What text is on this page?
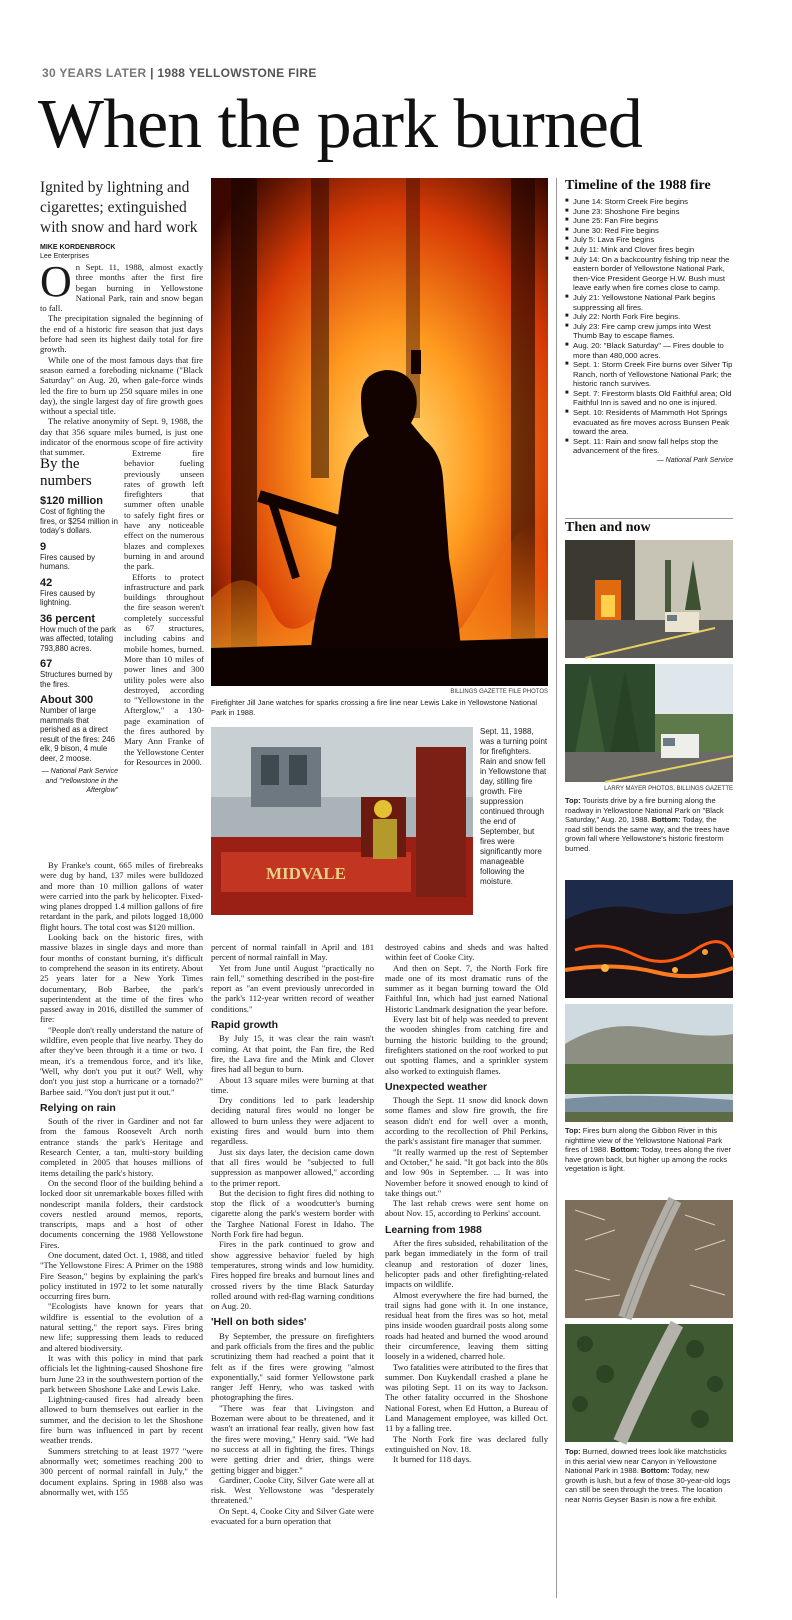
30 YEARS LATER | 1988 YELLOWSTONE FIRE
When the park burned
Ignited by lightning and cigarettes; extinguished with snow and hard work
MIKE KORDENBROCK
Lee Enterprises

On Sept. 11, 1988, almost exactly three months after the first fire began burning in Yellowstone National Park, rain and snow began to fall.

The precipitation signaled the beginning of the end of a historic fire season that just days before had seen its highest daily total for fire growth.

While one of the most famous days that fire season earned a foreboding nickname ("Black Saturday" on Aug. 20, when gale-force winds led the fire to burn up 250 square miles in one day), the single largest day of fire growth goes without a special title.

The relative anonymity of Sept. 9, 1988, the day that 356 square miles burned, is just one indicator of the enormous scope of fire activity that summer.

By the numbers
$120 million
Cost of fighting the fires, or $254 million in today's dollars.
9
Fires caused by humans.
42
Fires caused by lightning.
36 percent
How much of the park was affected, totaling 793,880 acres.
67
Structures burned by the fires.
About 300
Number of large mammals that perished as a direct result of the fires: 246 elk, 9 bison, 4 mule deer, 2 moose.
— National Park Service and "Yellowstone in the Afterglow"

Extreme fire behavior fueling previously unseen rates of growth left firefighters that summer often unable to safely fight fires or have any noticeable effect on the numerous blazes and complexes burning in and around the park.

Efforts to protect infrastructure and park buildings throughout the fire season weren't completely successful as 67 structures, including cabins and mobile homes, burned. More than 10 miles of power lines and 300 utility poles were also destroyed, according to "Yellowstone in the Afterglow," a 130-page examination of the fires authored by Mary Ann Franke of the Yellowstone Center for Resources in 2000.

By Franke's count, 665 miles of firebreaks were dug by hand, 137 miles were bulldozed and more than 10 million gallons of water were carried into the park by helicopter. Fixed-wing planes dropped 1.4 million gallons of fire retardant in the park, and pilots logged 18,000 flight hours. The total cost was $120 million.

Looking back on the historic fires, with massive blazes in single days and more than four months of constant burning, it's difficult to comprehend the season in its entirety. About 25 years later for a New York Times documentary, Bob Barbee, the park's superintendent at the time of the fires who passed away in 2016, distilled the summer of fire:

"People don't really understand the nature of wildfire, even people that live nearby. They do after they've been through it a time or two. I mean, it's a tremendous force, and it's like, 'Well, why don't you put it out?' Well, why don't you just stop a hurricane or a tornado?" Barbee said. "You don't just put it out."

Relying on rain

South of the river in Gardiner and not far from the famous Roosevelt Arch north entrance stands the park's Heritage and Research Center, a tan, multi-story building completed in 2005 that houses millions of items detailing the park's history.

On the second floor of the building behind a locked door sit unremarkable boxes filled with nondescript manila folders, their cardstock covers nestled around memos, reports, transcripts, maps and a host of other documents concerning the 1988 Yellowstone Fires.

One document, dated Oct. 1, 1988, and titled "The Yellowstone Fires: A Primer on the 1988 Fire Season," begins by explaining the park's policy instituted in 1972 to let some naturally occurring fires burn.

"Ecologists have known for years that wildfire is essential to the evolution of a natural setting," the report says. Fires bring new life; suppressing them leads to reduced and altered biodiversity.

It was with this policy in mind that park officials let the lightning-caused Shoshone fire burn June 23 in the southwestern portion of the park between Shoshone Lake and Lewis Lake.

Lightning-caused fires had already been allowed to burn themselves out earlier in the summer, and the decision to let the Shoshone fire burn was influenced in part by recent weather trends.

Summers stretching to at least 1977 "were abnormally wet; sometimes reaching 200 to 300 percent of normal rainfall in July," the document explains. Spring in 1988 also was abnormally wet, with 155

BILLINGS GAZETTE FILE PHOTOS
Firefighter Jill Jane watches for sparks crossing a fire line near Lewis Lake in Yellowstone National Park in 1988.
MIDVALE
Sept. 11, 1988, was a turning point for firefighters. Rain and snow fell in Yellowstone that day, stilling fire growth. Fire suppression continued through the end of September, but fires were significantly more manageable following the moisture.

percent of normal rainfall in April and 181 percent of normal rainfall in May.

Yet from June until August "practically no rain fell," something described in the post-fire report as "an event previously unrecorded in the park's 112-year written record of weather conditions."

Rapid growth

By July 15, it was clear the rain wasn't coming. At that point, the Fan fire, the Red fire, the Lava fire and the Mink and Clover fires had all begun to burn.

About 13 square miles were burning at that time.

Dry conditions led to park leadership deciding natural fires would no longer be allowed to burn unless they were adjacent to existing fires and would burn into them regardless.

Just six days later, the decision came down that all fires would be "subjected to full suppression as manpower allowed," according to the primer report.

But the decision to fight fires did nothing to stop the flick of a woodcutter's burning cigarette along the park's western border with the Targhee National Forest in Idaho. The North Fork fire had begun.

Fires in the park continued to grow and show aggressive behavior fueled by high temperatures, strong winds and low humidity. Fires hopped fire breaks and burnout lines and crossed rivers by the time Black Saturday rolled around with red-flag warning conditions on Aug. 20.

'Hell on both sides'

By September, the pressure on firefighters and park officials from the fires and the public scrutinizing them had reached a point that it felt as if the fires were growing "almost exponentially," said former Yellowstone park ranger Jeff Henry, who was tasked with photographing the fires.

"There was fear that Livingston and Bozeman were about to be threatened, and it wasn't an irrational fear really, given how fast the fires were moving," Henry said. "We had no success at all in fighting the fires. Things were getting drier and drier, things were getting bigger and bigger."

Gardiner, Cooke City, Silver Gate were all at risk. West Yellowstone was "desperately threatened."

On Sept. 4, Cooke City and Silver Gate were evacuated for a burn operation that

destroyed cabins and sheds and was halted within feet of Cooke City.

And then on Sept. 7, the North Fork fire made one of its most dramatic runs of the summer as it began burning toward the Old Faithful Inn, which had just earned National Historic Landmark designation the year before.

Every last bit of help was needed to prevent the wooden shingles from catching fire and burning the historic building to the ground; firefighters stationed on the roof worked to put out spotting flames, and a sprinkler system also worked to extinguish flames.

Unexpected weather

Though the Sept. 11 snow did knock down some flames and slow fire growth, the fire season didn't end for well over a month, according to the recollection of Phil Perkins, the park's assistant fire manager that summer.

"It really warmed up the rest of September and October," he said. "It got back into the 80s and low 90s in September. ... It was into November before it snowed enough to kind of take things out."

The last rehab crews were sent home on about Nov. 15, according to Perkins' account.

Learning from 1988

After the fires subsided, rehabilitation of the park began immediately in the form of trail cleanup and restoration of dozer lines, helicopter pads and other firefighting-related impacts on wildlife.

Almost everywhere the fire had burned, the trail signs had gone with it. In one instance, residual heat from the fires was so hot, metal pins inside wooden guardrail posts along some roads had heated and burned the wood around their circumference, leaving them sitting loosely in a widened, charred hole.

Two fatalities were attributed to the fires that summer. Don Kuykendall crashed a plane he was piloting Sept. 11 on its way to Jackson. The other fatality occurred in the Shoshone National Forest, when Ed Hutton, a Bureau of Land Management employee, was killed Oct. 11 by a falling tree.

The North Fork fire was declared fully extinguished on Nov. 18.

It burned for 118 days.

Timeline of the 1988 fire
■ June 14: Storm Creek Fire begins
■ June 23: Shoshone Fire begins
■ June 25: Fan Fire begins
■ June 30: Red Fire begins
■ July 5: Lava Fire begins
■ July 11: Mink and Clover fires begin
■ July 14: On a backcountry fishing trip near the eastern border of Yellowstone National Park, then-Vice President George H.W. Bush must leave early when fire comes close to camp.
■ July 21: Yellowstone National Park begins suppressing all fires.
■ July 22: North Fork Fire begins.
■ July 23: Fire camp crew jumps into West Thumb Bay to escape flames.
■ Aug. 20: "Black Saturday" — Fires double to more than 480,000 acres.
■ Sept. 1: Storm Creek Fire burns over Silver Tip Ranch, north of Yellowstone National Park; the historic ranch survives.
■ Sept. 7: Firestorm blasts Old Faithful area; Old Faithful Inn is saved and no one is injured.
■ Sept. 10: Residents of Mammoth Hot Springs evacuated as fire moves across Bunsen Peak toward the area.
■ Sept. 11: Rain and snow fall helps stop the advancement of the fires.
— National Park Service
Then and now
LARRY MAYER PHOTOS, BILLINGS GAZETTE
Top: Tourists drive by a fire burning along the roadway in Yellowstone National Park on "Black Saturday," Aug. 20, 1988. Bottom: Today, the road still bends the same way, and the trees have grown fall where Yellowstone's historic firestorm burned.
Top: Fires burn along the Gibbon River in this nighttime view of the Yellowstone National Park fires of 1988. Bottom: Today, trees along the river have grown back, but higher up among the rocks vegetation is light.
Top: Burned, downed trees look like matchsticks in this aerial view near Canyon in Yellowstone National Park in 1988. Bottom: Today, new growth is lush, but a few of those 30-year-old logs can still be seen through the trees. The location near Norris Geyser Basin is now a fire exhibit.
